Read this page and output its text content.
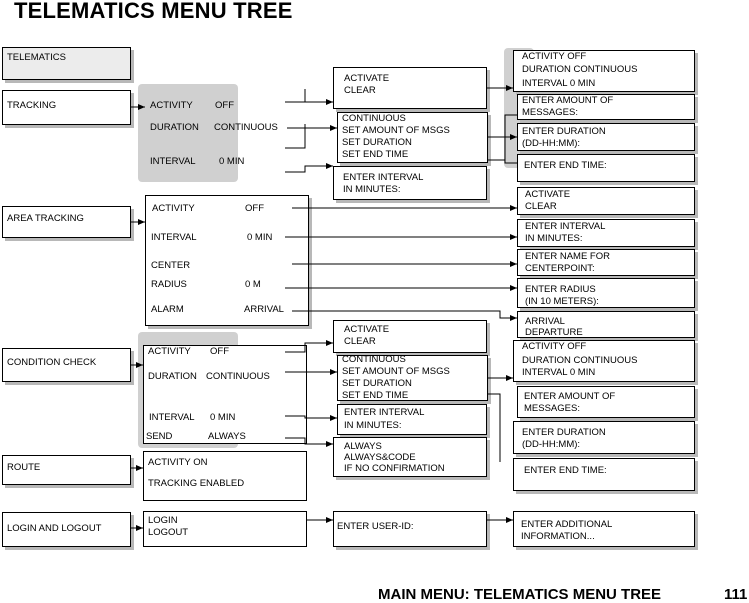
TELEMATICS MENU TREE
TELEMATICS
TRACKING
AREA TRACKING
CONDITION CHECK
ROUTE
LOGIN AND LOGOUT
ACTIVITY OFF
DURATION CONTINUOUS
INTERVAL 0 MIN
ACTIVITY	OFF
INTERVAL	0 MIN
CENTER
RADIUS	0 M
ALARM	ARRIVAL
ACTIVITY OFF
DURATION CONTINUOUS
INTERVAL 0 MIN
SEND	ALWAYS
ACTIVITY ON
TRACKING ENABLED
LOGIN
LOGOUT
ACTIVATE
CLEAR
CONTINUOUS
SET AMOUNT OF MSGS
SET DURATION
SET END TIME
ENTER INTERVAL
IN MINUTES:
ACTIVATE
CLEAR
CONTINUOUS
SET AMOUNT OF MSGS
SET DURATION
SET END TIME
ENTER INTERVAL
IN MINUTES:
ALWAYS
ALWAYS&CODE
IF NO CONFIRMATION
ENTER USER-ID:
ACTIVITY OFF
DURATION CONTINUOUS
INTERVAL 0 MIN
ENTER AMOUNT OF
MESSAGES:
ENTER DURATION
(DD-HH:MM):
ENTER END TIME:
ACTIVATE
CLEAR
ENTER INTERVAL
IN MINUTES:
ENTER NAME FOR
CENTERPOINT:
ENTER RADIUS
(IN 10 METERS):
ARRIVAL
DEPARTURE
ACTIVITY OFF
DURATION CONTINUOUS
INTERVAL 0 MIN
ENTER AMOUNT OF
MESSAGES:
ENTER DURATION
(DD-HH:MM):
ENTER END TIME:
ENTER ADDITIONAL
INFORMATION...
MAIN MENU: TELEMATICS MENU TREE	111
